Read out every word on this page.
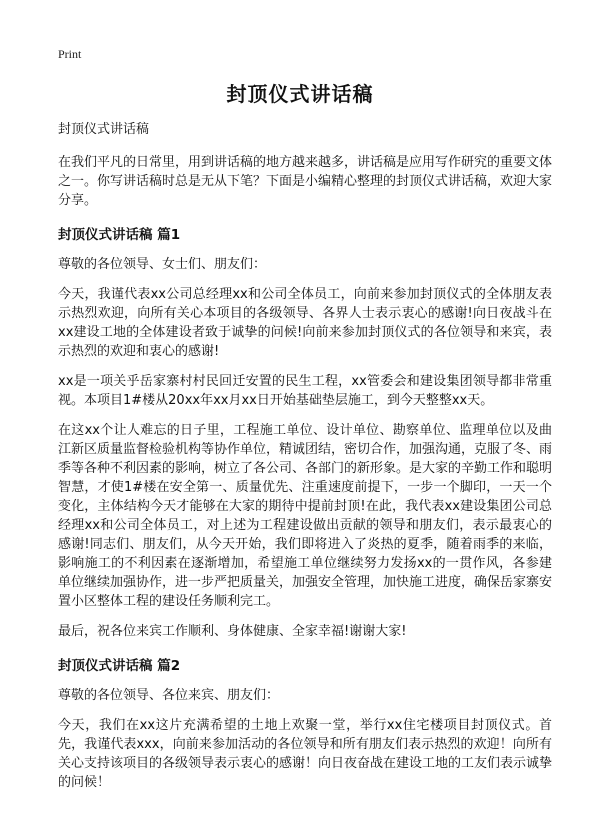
Print
封顶仪式讲话稿

封顶仪式讲话稿

在我们平凡的日常里，用到讲话稿的地方越来越多，讲话稿是应用写作研究的重要文体之一。你写讲话稿时总是无从下笔？下面是小编精心整理的封顶仪式讲话稿，欢迎大家分享。

封顶仪式讲话稿 篇1

尊敬的各位领导、女士们、朋友们：

今天，我谨代表xx公司总经理xx和公司全体员工，向前来参加封顶仪式的全体朋友表示热烈欢迎，向所有关心本项目的各级领导、各界人士表示衷心的感谢!向日夜战斗在xx建设工地的全体建设者致于诚挚的问候!向前来参加封顶仪式的各位领导和来宾，表示热烈的欢迎和衷心的感谢!

xx是一项关乎岳家寨村村民回迁安置的民生工程，xx管委会和建设集团领导都非常重视。本项目1#楼从20xx年xx月xx日开始基础垫层施工，到今天整整xx天。

在这xx个让人难忘的日子里，工程施工单位、设计单位、勘察单位、监理单位以及曲江新区质量监督检验机构等协作单位，精诚团结，密切合作，加强沟通，克服了冬、雨季等各种不利因素的影响，树立了各公司、各部门的新形象。是大家的辛勤工作和聪明智慧，才使1#楼在安全第一、质量优先、注重速度前提下，一步一个脚印，一天一个变化，主体结构今天才能够在大家的期待中提前封顶!在此，我代表xx建设集团公司总经理xx和公司全体员工，对上述为工程建设做出贡献的领导和朋友们，表示最衷心的感谢!同志们、朋友们，从今天开始，我们即将进入了炎热的夏季，随着雨季的来临，影响施工的不利因素在逐渐增加，希望施工单位继续努力发扬xx的一贯作风，各参建单位继续加强协作，进一步严把质量关，加强安全管理，加快施工进度，确保岳家寨安置小区整体工程的建设任务顺利完工。

最后，祝各位来宾工作顺利、身体健康、全家幸福!谢谢大家!

封顶仪式讲话稿 篇2

尊敬的各位领导、各位来宾、朋友们：

今天，我们在xx这片充满希望的土地上欢聚一堂，举行xx住宅楼项目封顶仪式。首先，我谨代表xxx，向前来参加活动的各位领导和所有朋友们表示热烈的欢迎！向所有关心支持该项目的各级领导表示衷心的感谢！向日夜奋战在建设工地的工友们表示诚挚的问候！
